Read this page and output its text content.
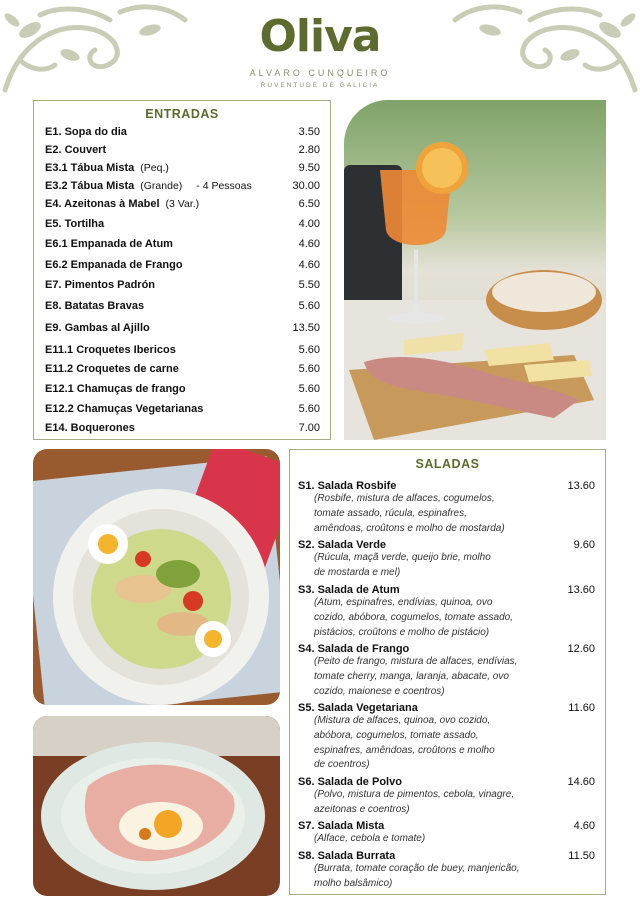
Oliva
ALVARO CUNQUEIRO
RUVENTUDE DE GALICIA
ENTRADAS
E1. Sopa do dia	3.50
E2. Couvert	2.80
E3.1 Tábua Mista (Peq.)	9.50
E3.2 Tábua Mista (Grande) - 4 Pessoas	30.00
E4. Azeitonas à Mabel (3 Var.)	6.50
E5. Tortilha	4.00
E6.1 Empanada de Atum	4.60
E6.2 Empanada de Frango	4.60
E7. Pimentos Padrón	5.50
E8. Batatas Bravas	5.60
E9. Gambas al Ajillo	13.50
E11.1 Croquetes Ibericos	5.60
E11.2 Croquetes de carne	5.60
E12.1 Chamuças de frango	5.60
E12.2 Chamuças Vegetarianas	5.60
E14. Boquerones	7.00
SALADAS
S1. Salada Rosbife	13.60
(Rosbife, mistura de alfaces, cogumelos,
tomate assado, rúcula, espinafres,
amêndoas, croûtons e molho de mostarda)
S2. Salada Verde	9.60
(Rúcula, maçã verde, queijo brie, molho
de mostarda e mel)
S3. Salada de Atum	13.60
(Atum, espinafres, endívias, quinoa, ovo
cozido, abóbora, cogumelos, tomate assado,
pistácios, croûtons e molho de pistácio)
S4. Salada de Frango	12.60
(Peito de frango, mistura de alfaces, endívias,
tomate cherry, manga, laranja, abacate, ovo
cozido, maionese e coentros)
S5. Salada Vegetariana	11.60
(Mistura de alfaces, quinoa, ovo cozido,
abóbora, cogumelos, tomate assado,
espinafres, amêndoas, croûtons e molho
de coentros)
S6. Salada de Polvo	14.60
(Polvo, mistura de pimentos, cebola, vinagre,
azeitonas e coentros)
S7. Salada Mista	4.60
(Alface, cebola e tomate)
S8. Salada Burrata	11.50
(Burrata, tomate coração de buey, manjericão,
molho balsâmico)
